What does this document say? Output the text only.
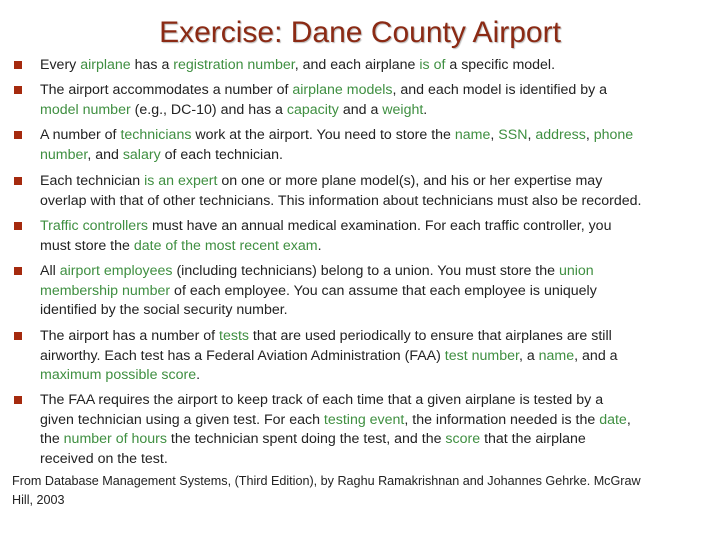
Exercise: Dane County Airport
Every airplane has a registration number, and each airplane is of a specific model.
The airport accommodates a number of airplane models, and each model is identified by a
model number (e.g., DC-10) and has a capacity and a weight.
A number of technicians work at the airport. You need to store the name, SSN, address, phone
number, and salary of each technician.
Each technician is an expert on one or more plane model(s), and his or her expertise may
overlap with that of other technicians. This information about technicians must also be recorded.
Traffic controllers must have an annual medical examination. For each traffic controller, you
must store the date of the most recent exam.
All airport employees (including technicians) belong to a union. You must store the union
membership number of each employee. You can assume that each employee is uniquely
identified by the social security number.
The airport has a number of tests that are used periodically to ensure that airplanes are still
airworthy. Each test has a Federal Aviation Administration (FAA) test number, a name, and a
maximum possible score.
The FAA requires the airport to keep track of each time that a given airplane is tested by a
given technician using a given test. For each testing event, the information needed is the date,
the number of hours the technician spent doing the test, and the score that the airplane
received on the test.
From Database Management Systems, (Third Edition), by Raghu Ramakrishnan and Johannes Gehrke. McGraw
Hill, 2003
